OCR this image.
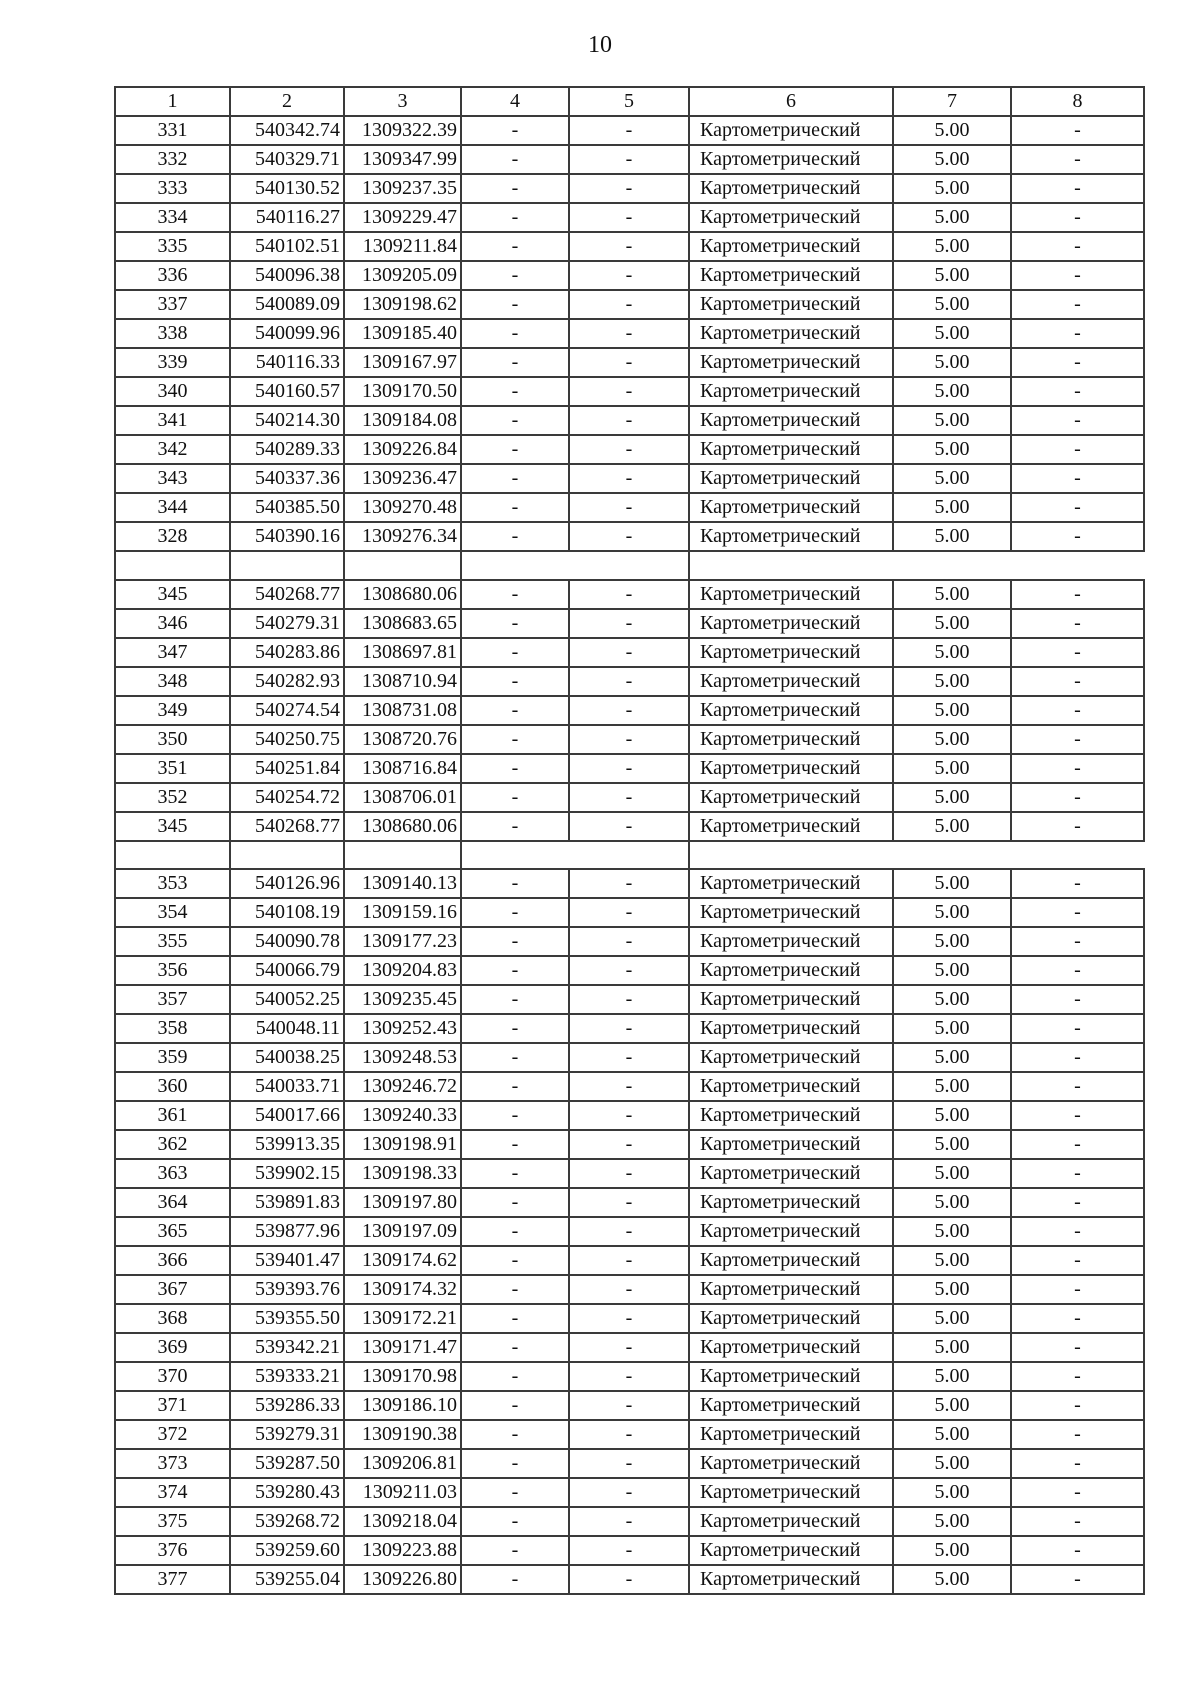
10
1	2	3	4	5	6	7	8
331	540342.74	1309322.39	-	-	Картометрический	5.00	-
332	540329.71	1309347.99	-	-	Картометрический	5.00	-
333	540130.52	1309237.35	-	-	Картометрический	5.00	-
334	540116.27	1309229.47	-	-	Картометрический	5.00	-
335	540102.51	1309211.84	-	-	Картометрический	5.00	-
336	540096.38	1309205.09	-	-	Картометрический	5.00	-
337	540089.09	1309198.62	-	-	Картометрический	5.00	-
338	540099.96	1309185.40	-	-	Картометрический	5.00	-
339	540116.33	1309167.97	-	-	Картометрический	5.00	-
340	540160.57	1309170.50	-	-	Картометрический	5.00	-
341	540214.30	1309184.08	-	-	Картометрический	5.00	-
342	540289.33	1309226.84	-	-	Картометрический	5.00	-
343	540337.36	1309236.47	-	-	Картометрический	5.00	-
344	540385.50	1309270.48	-	-	Картометрический	5.00	-
328	540390.16	1309276.34	-	-	Картометрический	5.00	-

345	540268.77	1308680.06	-	-	Картометрический	5.00	-
346	540279.31	1308683.65	-	-	Картометрический	5.00	-
347	540283.86	1308697.81	-	-	Картометрический	5.00	-
348	540282.93	1308710.94	-	-	Картометрический	5.00	-
349	540274.54	1308731.08	-	-	Картометрический	5.00	-
350	540250.75	1308720.76	-	-	Картометрический	5.00	-
351	540251.84	1308716.84	-	-	Картометрический	5.00	-
352	540254.72	1308706.01	-	-	Картометрический	5.00	-
345	540268.77	1308680.06	-	-	Картометрический	5.00	-

353	540126.96	1309140.13	-	-	Картометрический	5.00	-
354	540108.19	1309159.16	-	-	Картометрический	5.00	-
355	540090.78	1309177.23	-	-	Картометрический	5.00	-
356	540066.79	1309204.83	-	-	Картометрический	5.00	-
357	540052.25	1309235.45	-	-	Картометрический	5.00	-
358	540048.11	1309252.43	-	-	Картометрический	5.00	-
359	540038.25	1309248.53	-	-	Картометрический	5.00	-
360	540033.71	1309246.72	-	-	Картометрический	5.00	-
361	540017.66	1309240.33	-	-	Картометрический	5.00	-
362	539913.35	1309198.91	-	-	Картометрический	5.00	-
363	539902.15	1309198.33	-	-	Картометрический	5.00	-
364	539891.83	1309197.80	-	-	Картометрический	5.00	-
365	539877.96	1309197.09	-	-	Картометрический	5.00	-
366	539401.47	1309174.62	-	-	Картометрический	5.00	-
367	539393.76	1309174.32	-	-	Картометрический	5.00	-
368	539355.50	1309172.21	-	-	Картометрический	5.00	-
369	539342.21	1309171.47	-	-	Картометрический	5.00	-
370	539333.21	1309170.98	-	-	Картометрический	5.00	-
371	539286.33	1309186.10	-	-	Картометрический	5.00	-
372	539279.31	1309190.38	-	-	Картометрический	5.00	-
373	539287.50	1309206.81	-	-	Картометрический	5.00	-
374	539280.43	1309211.03	-	-	Картометрический	5.00	-
375	539268.72	1309218.04	-	-	Картометрический	5.00	-
376	539259.60	1309223.88	-	-	Картометрический	5.00	-
377	539255.04	1309226.80	-	-	Картометрический	5.00	-
